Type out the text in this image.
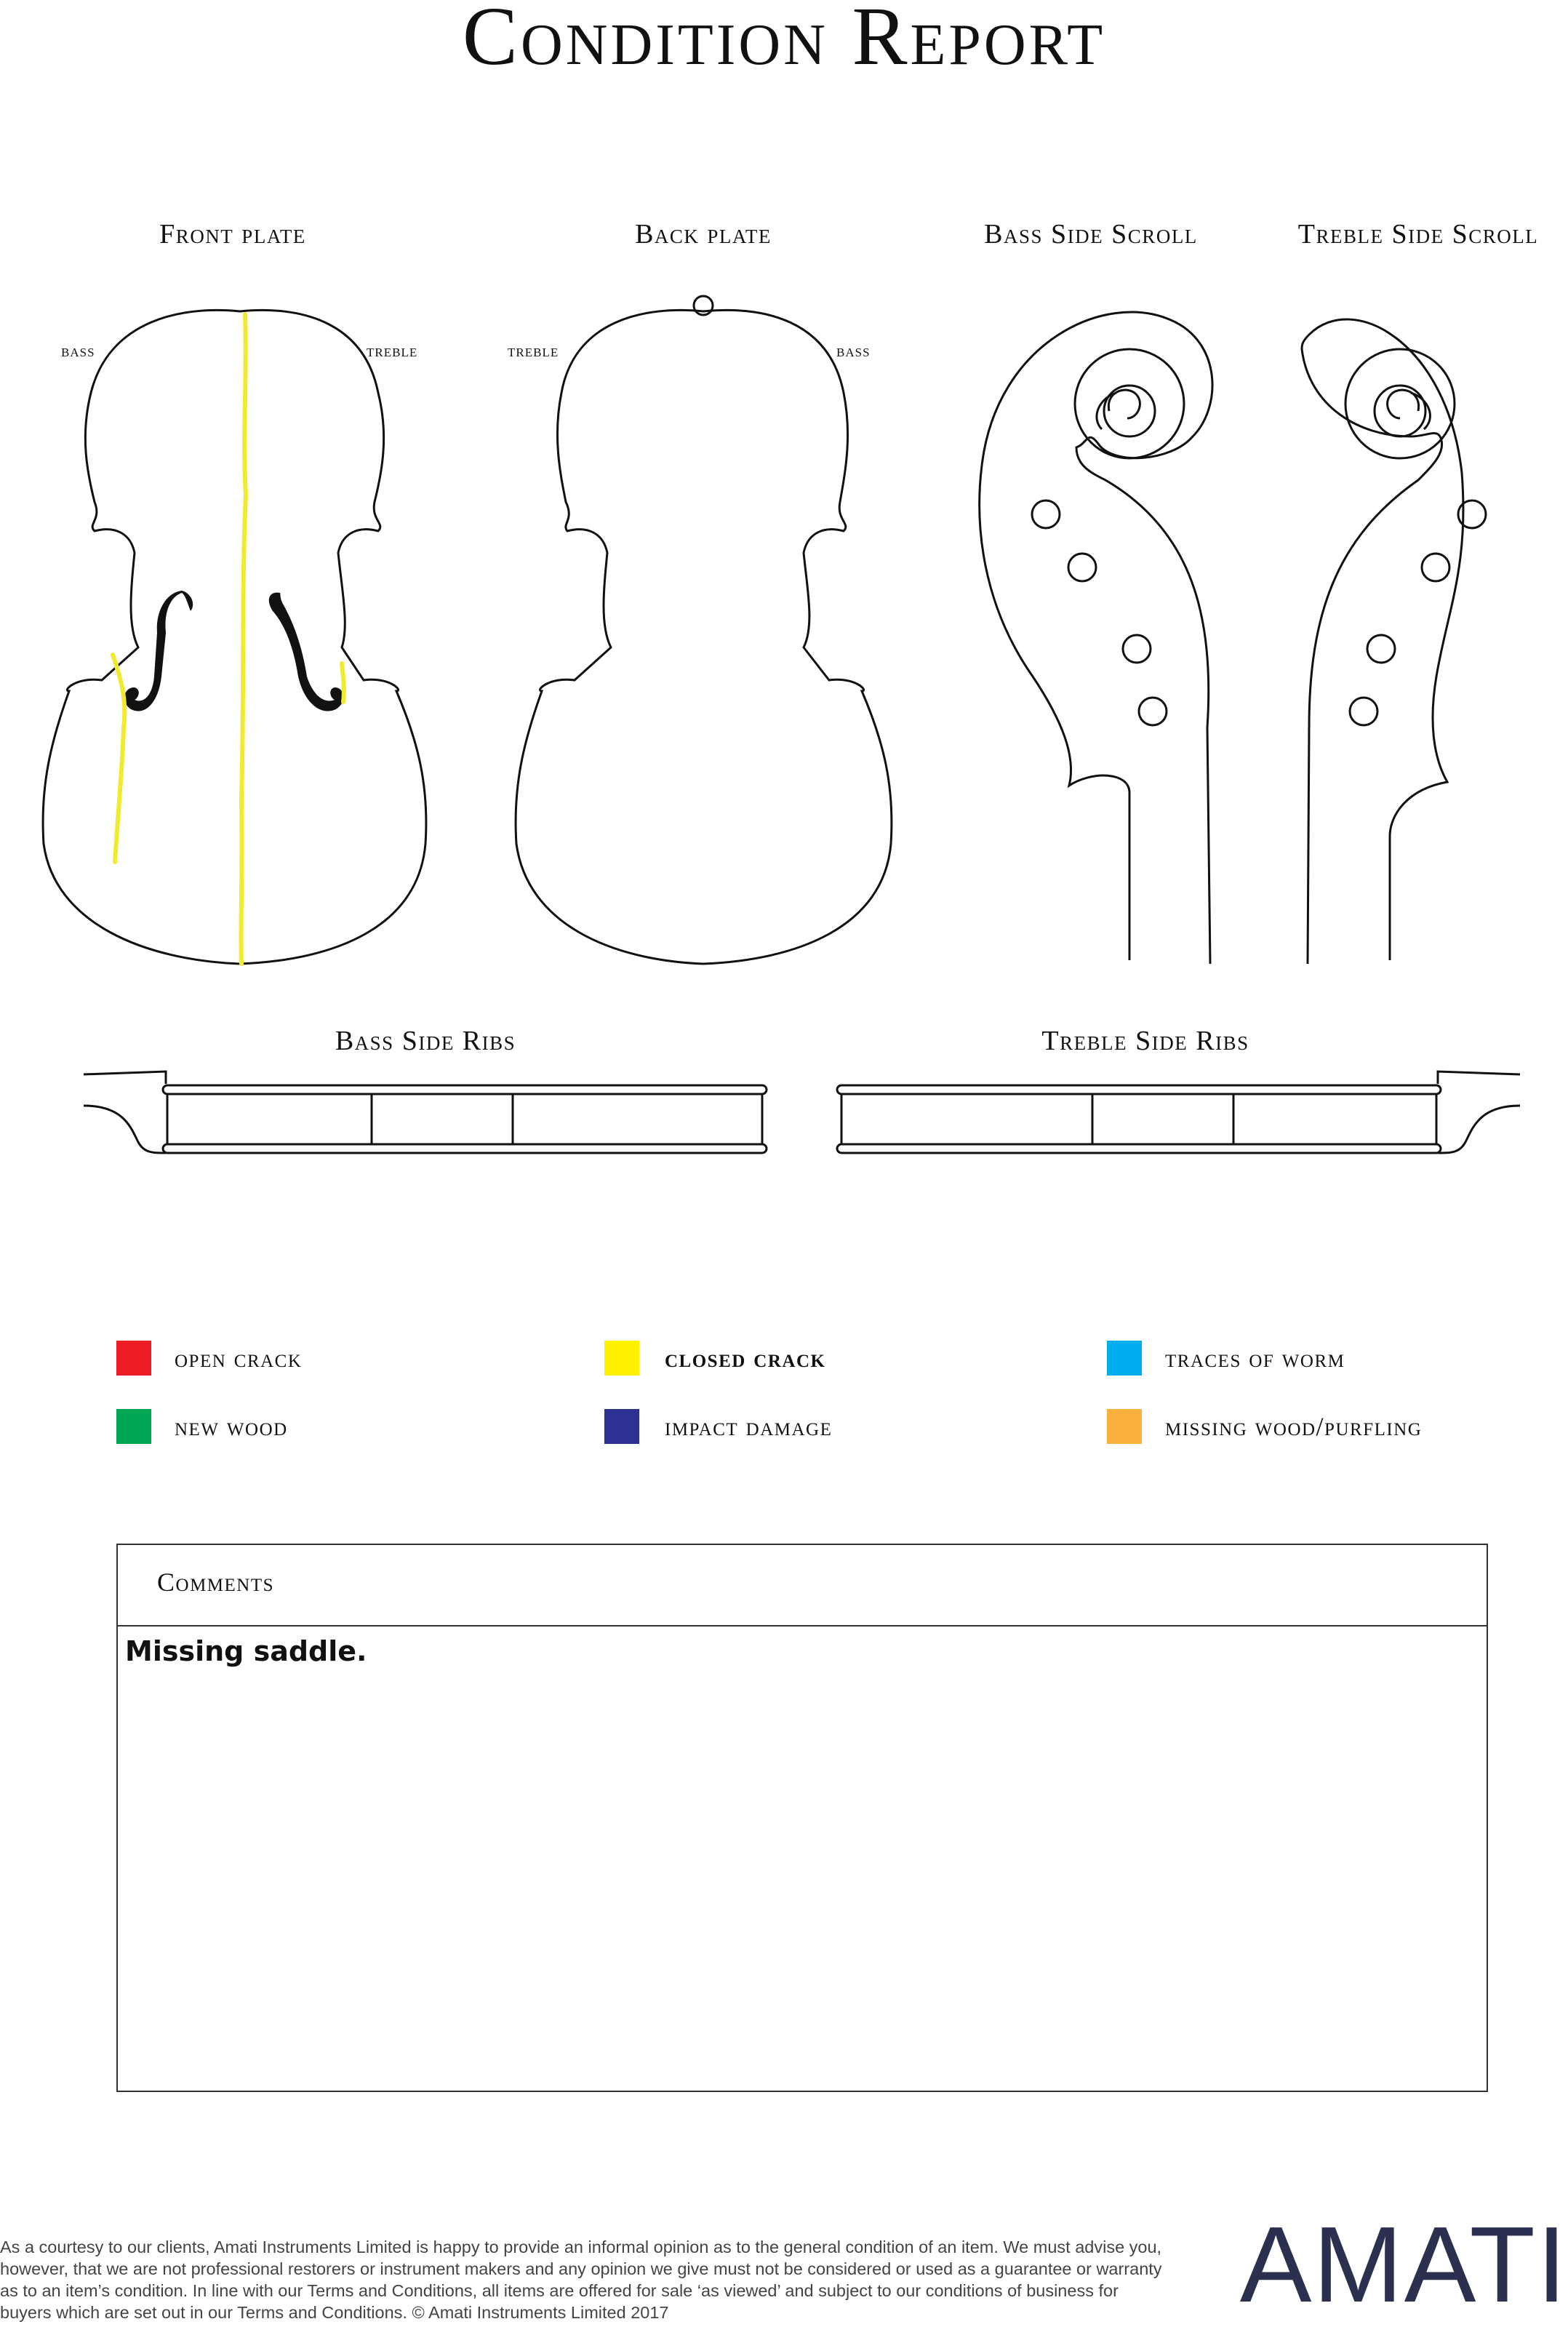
Condition Report
Front plate	Back plate	Bass Side Scroll	Treble Side Scroll
Bass Side Ribs	Treble Side Ribs
bass	treble	treble	bass
open crack	closed crack	traces of worm
new wood	impact damage	missing wood/purfling
Comments
Missing saddle.
As a courtesy to our clients, Amati Instruments Limited is happy to provide an informal opinion as to the general condition of an item. We must advise you, however, that we are not professional restorers or instrument makers and any opinion we give must not be considered or used as a guarantee or warranty as to an item’s condition. In line with our Terms and Conditions, all items are offered for sale ‘as viewed’ and subject to our conditions of business for buyers which are set out in our Terms and Conditions. © Amati Instruments Limited 2017	AMATI
